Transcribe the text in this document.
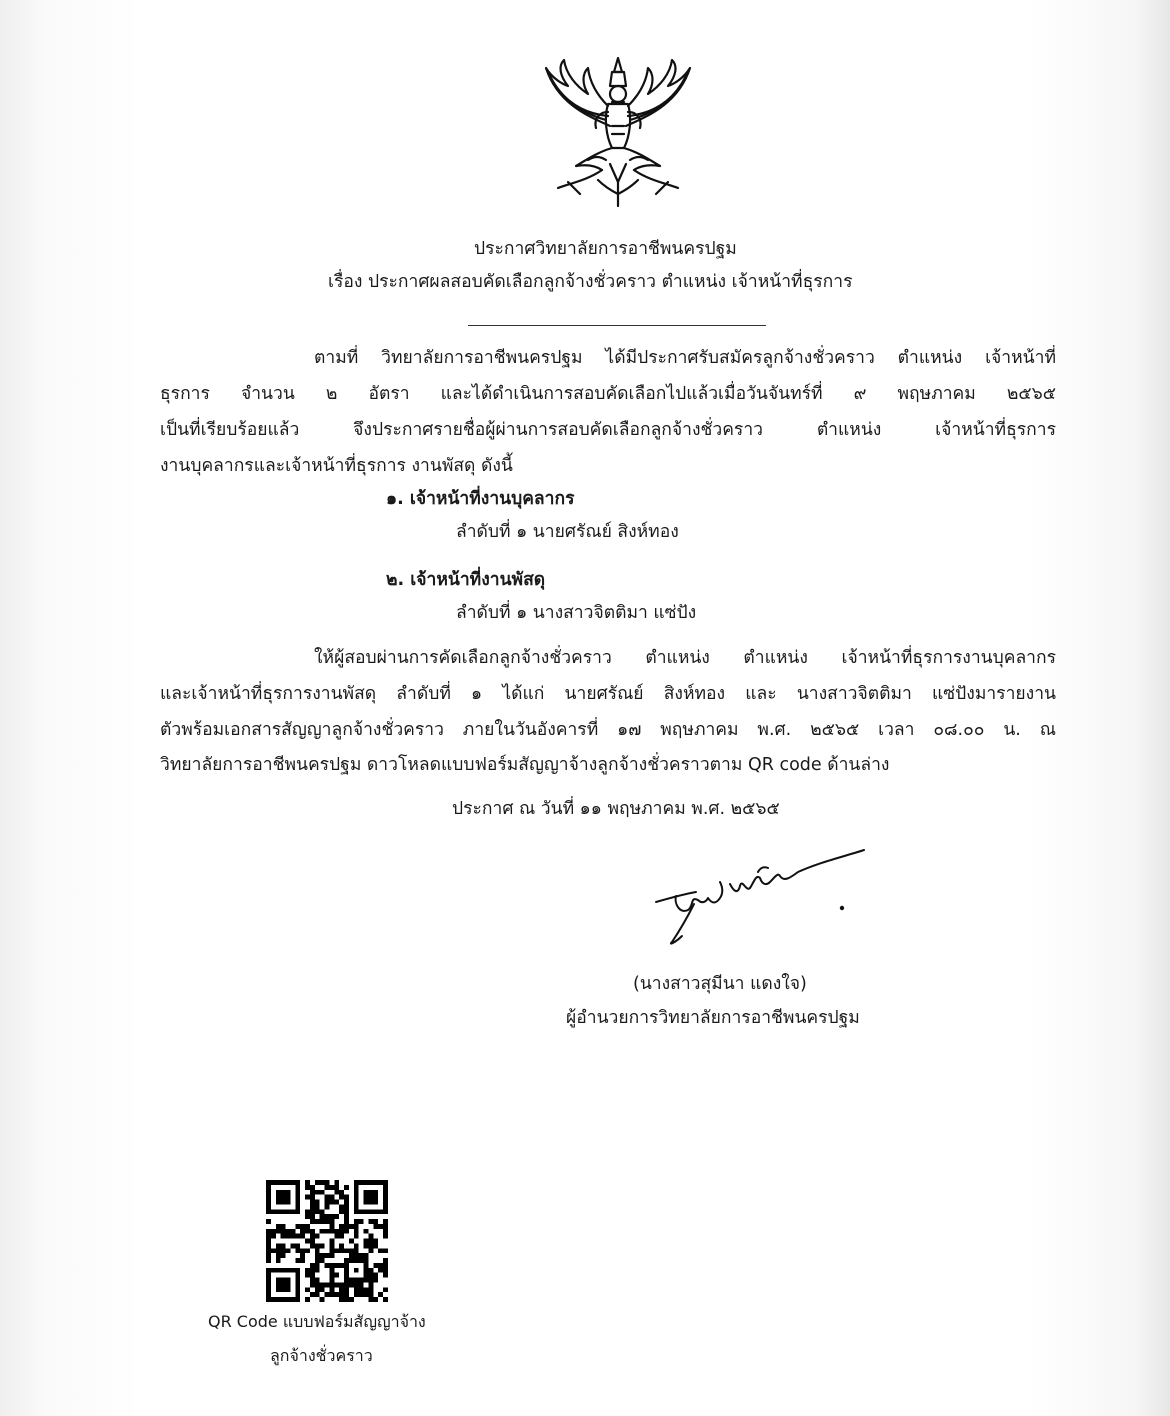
ประกาศวิทยาลัยการอาชีพนครปฐม
เรื่อง ประกาศผลสอบคัดเลือกลูกจ้างชั่วคราว ตำแหน่ง เจ้าหน้าที่ธุรการ
ตามที่ วิทยาลัยการอาชีพนครปฐม ได้มีประกาศรับสมัครลูกจ้างชั่วคราว ตำแหน่ง เจ้าหน้าที่
ธุรการ จำนวน ๒ อัตรา และได้ดำเนินการสอบคัดเลือกไปแล้วเมื่อวันจันทร์ที่ ๙ พฤษภาคม ๒๕๖๕
เป็นที่เรียบร้อยแล้ว จึงประกาศรายชื่อผู้ผ่านการสอบคัดเลือกลูกจ้างชั่วคราว ตำแหน่ง เจ้าหน้าที่ธุรการ
งานบุคลากรและเจ้าหน้าที่ธุรการ งานพัสดุ ดังนี้
๑. เจ้าหน้าที่งานบุคลากร
ลำดับที่ ๑ นายศรัณย์ สิงห์ทอง
๒. เจ้าหน้าที่งานพัสดุ
ลำดับที่ ๑ นางสาวจิตติมา แซ่ปัง
ให้ผู้สอบผ่านการคัดเลือกลูกจ้างชั่วคราว ตำแหน่ง ตำแหน่ง เจ้าหน้าที่ธุรการงานบุคลากร
และเจ้าหน้าที่ธุรการงานพัสดุ ลำดับที่ ๑ ได้แก่ นายศรัณย์ สิงห์ทอง และ นางสาวจิตติมา แซ่ปังมารายงาน
ตัวพร้อมเอกสารสัญญาลูกจ้างชั่วคราว ภายในวันอังคารที่ ๑๗ พฤษภาคม พ.ศ. ๒๕๖๕ เวลา ๐๘.๐๐ น. ณ
วิทยาลัยการอาชีพนครปฐม ดาวโหลดแบบฟอร์มสัญญาจ้างลูกจ้างชั่วคราวตาม QR code ด้านล่าง
ประกาศ ณ วันที่ ๑๑ พฤษภาคม พ.ศ. ๒๕๖๕
(นางสาวสุมีนา แดงใจ)
ผู้อำนวยการวิทยาลัยการอาชีพนครปฐม
QR Code แบบฟอร์มสัญญาจ้าง
ลูกจ้างชั่วคราว
